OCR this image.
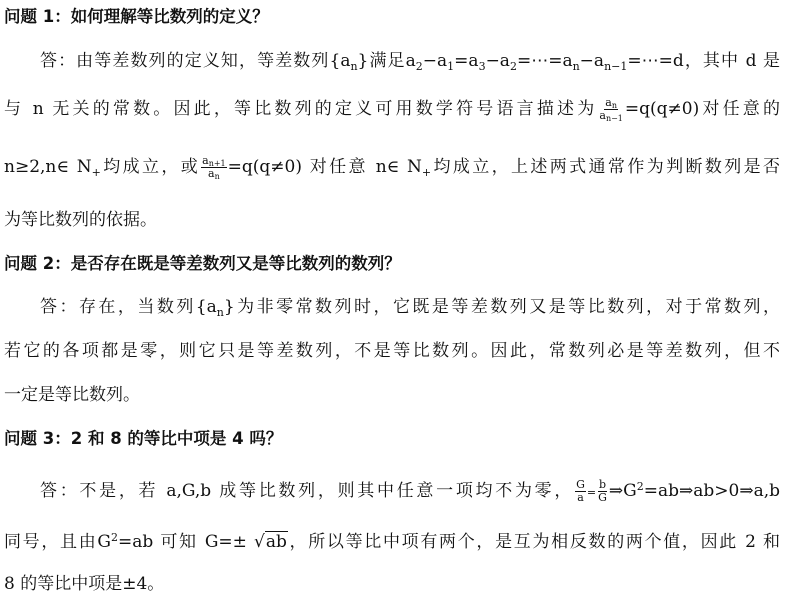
问题 1：如何理解等比数列的定义？
答：由等差数列的定义知，等差数列$\{a_n\}$满足$a_2-a_1=a_3-a_2=\cdots=a_n-a_{n-1}=\cdots=d$，其中 d 是
与 n 无关的常数。因此，等比数列的定义可用数学符号语言描述为 $\frac{a_n}{a_{n-1}} =q(q\ne 0)$对任意的
n≥2,n∈ $N_+$均成立，或 $\frac{a_{n+1}}{a_n} =q(q\ne 0)$ 对任意 n∈ $N_+$均成立，上述两式通常作为判断数列是否
为等比数列的依据。
问题 2：是否存在既是等差数列又是等比数列的数列？
答：存在，当数列$\{a_n\}$为非零常数列时，它既是等差数列又是等比数列，对于常数列，
若它的各项都是零，则它只是等差数列，不是等比数列。因此，常数列必是等差数列，但不
一定是等比数列。
问题 3：2 和 8 的等比中项是 4 吗？
答：不是，若 a,G,b 成等比数列，则其中任意一项均不为零， $\frac{G}{a} = \frac{b}{G}$ $\Rightarrow G^2=ab\Rightarrow ab>0\Rightarrow a,b$
同号，且由$G^2=ab$ 可知 G=± √ab，所以等比中项有两个，是互为相反数的两个值，因此 2 和
8 的等比中项是±4。
